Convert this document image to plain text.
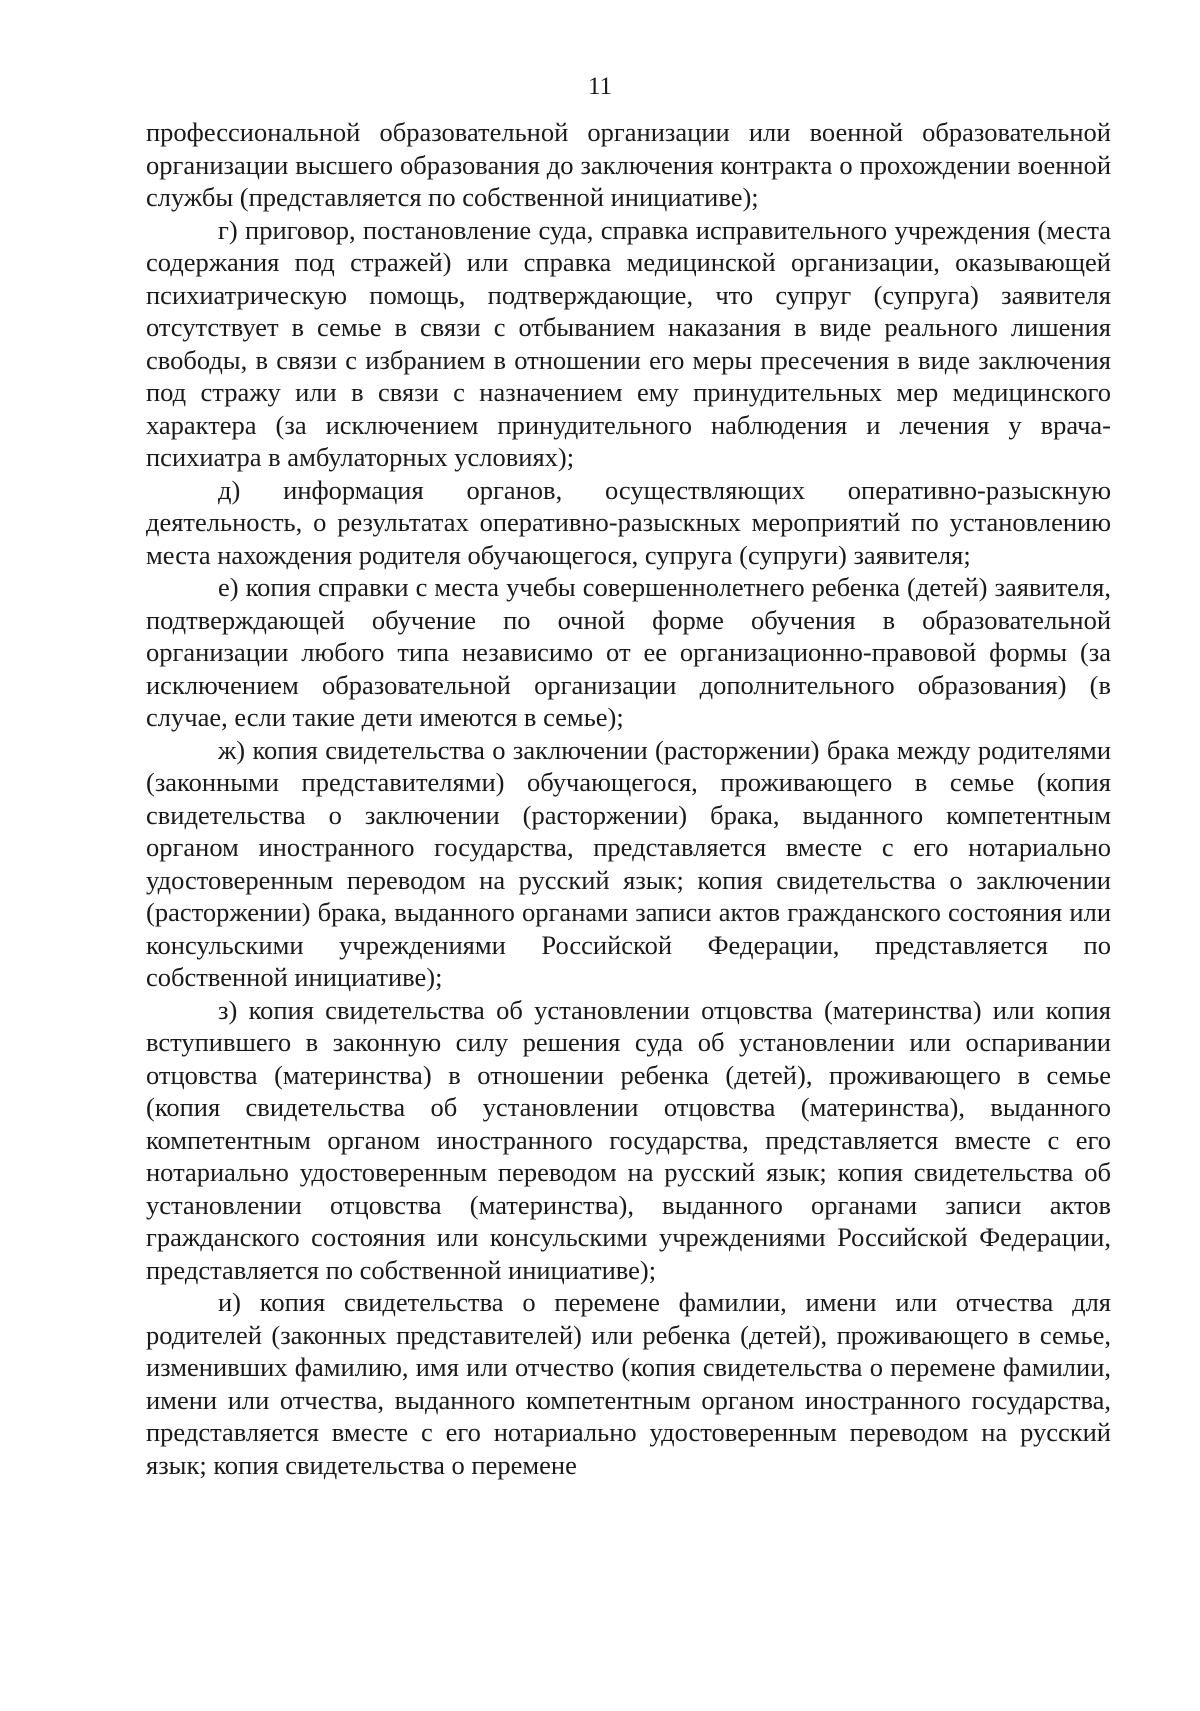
11

профессиональной образовательной организации или военной образовательной организации высшего образования до заключения контракта о прохождении военной службы (представляется по собственной инициативе);

г) приговор, постановление суда, справка исправительного учреждения (места содержания под стражей) или справка медицинской организации, оказывающей психиатрическую помощь, подтверждающие, что супруг (супруга) заявителя отсутствует в семье в связи с отбыванием наказания в виде реального лишения свободы, в связи с избранием в отношении его меры пресечения в виде заключения под стражу или в связи с назначением ему принудительных мер медицинского характера (за исключением принудительного наблюдения и лечения у врача-психиатра в амбулаторных условиях);

д) информация органов, осуществляющих оперативно-разыскную деятельность, о результатах оперативно-разыскных мероприятий по установлению места нахождения родителя обучающегося, супруга (супруги) заявителя;

е) копия справки с места учебы совершеннолетнего ребенка (детей) заявителя, подтверждающей обучение по очной форме обучения в образовательной организации любого типа независимо от ее организационно-правовой формы (за исключением образовательной организации дополнительного образования) (в случае, если такие дети имеются в семье);

ж) копия свидетельства о заключении (расторжении) брака между родителями (законными представителями) обучающегося, проживающего в семье (копия свидетельства о заключении (расторжении) брака, выданного компетентным органом иностранного государства, представляется вместе с его нотариально удостоверенным переводом на русский язык; копия свидетельства о заключении (расторжении) брака, выданного органами записи актов гражданского состояния или консульскими учреждениями Российской Федерации, представляется по собственной инициативе);

з) копия свидетельства об установлении отцовства (материнства) или копия вступившего в законную силу решения суда об установлении или оспаривании отцовства (материнства) в отношении ребенка (детей), проживающего в семье (копия свидетельства об установлении отцовства (материнства), выданного компетентным органом иностранного государства, представляется вместе с его нотариально удостоверенным переводом на русский язык; копия свидетельства об установлении отцовства (материнства), выданного органами записи актов гражданского состояния или консульскими учреждениями Российской Федерации, представляется по собственной инициативе);

и) копия свидетельства о перемене фамилии, имени или отчества для родителей (законных представителей) или ребенка (детей), проживающего в семье, изменивших фамилию, имя или отчество (копия свидетельства о перемене фамилии, имени или отчества, выданного компетентным органом иностранного государства, представляется вместе с его нотариально удостоверенным переводом на русский язык; копия свидетельства о перемене
